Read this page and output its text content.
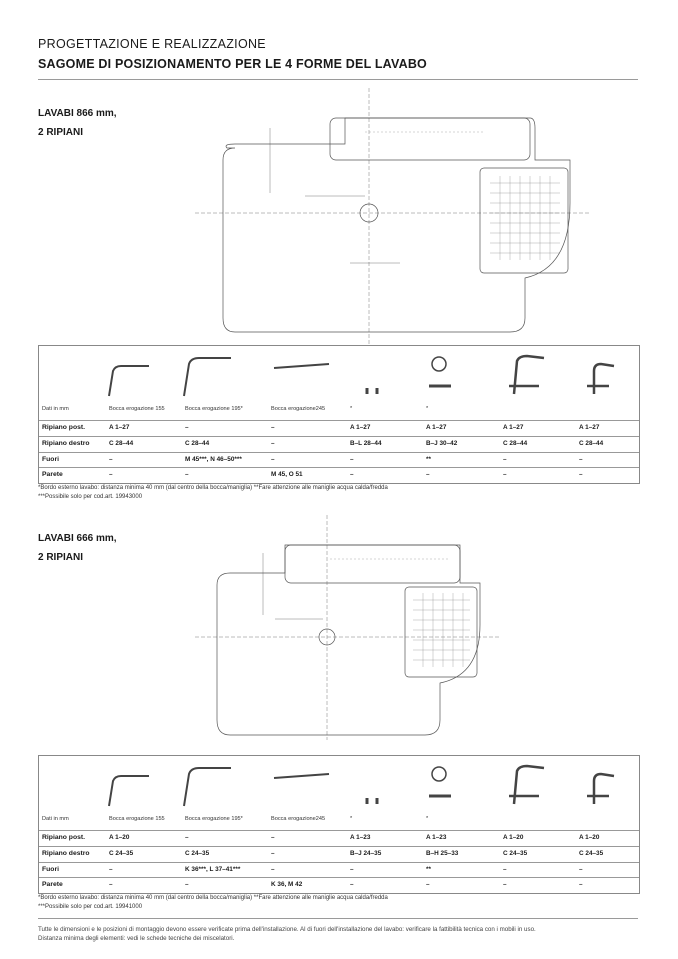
PROGETTAZIONE E REALIZZAZIONE
SAGOME DI POSIZIONAMENTO PER LE 4 FORME DEL LAVABO
LAVABI 866 mm,
2 RIPIANI
Dati in mm	Bocca erogazione 155	Bocca erogazione 195*	Bocca erogazione245	*	*
Ripiano post.	A 1–27	–	–	A 1–27	A 1–27	A 1–27	A 1–27
Ripiano destro	C 28–44	C 28–44	–	B–L 28–44	B–J 30–42	C 28–44	C 28–44
Fuori	–	M 45***, N 46–50***	–	–	**	–	–
Parete	–	–	M 45, O 51	–	–	–	–
*Bordo esterno lavabo: distanza minima 40 mm (dal centro della bocca/maniglia) **Fare attenzione alle maniglie acqua calda/fredda
***Possibile solo per cod.art. 19943000
LAVABI 666 mm,
2 RIPIANI
Dati in mm	Bocca erogazione 155	Bocca erogazione 195*	Bocca erogazione245	*	*
Ripiano post.	A 1–20	–	–	A 1–23	A 1–23	A 1–20	A 1–20
Ripiano destro	C 24–35	C 24–35	–	B–J 24–35	B–H 25–33	C 24–35	C 24–35
Fuori	–	K 36***, L 37–41***	–	–	**	–	–
Parete	–	–	K 36, M 42	–	–	–	–
*Bordo esterno lavabo: distanza minima 40 mm (dal centro della bocca/maniglia) **Fare attenzione alle maniglie acqua calda/fredda
***Possibile solo per cod.art. 19941000
Tutte le dimensioni e le posizioni di montaggio devono essere verificate prima dell'installazione. Al di fuori dell'installazione del lavabo: verificare la fattibilità tecnica con i mobili in uso.
Distanza minima degli elementi: vedi le schede tecniche dei miscelatori.
